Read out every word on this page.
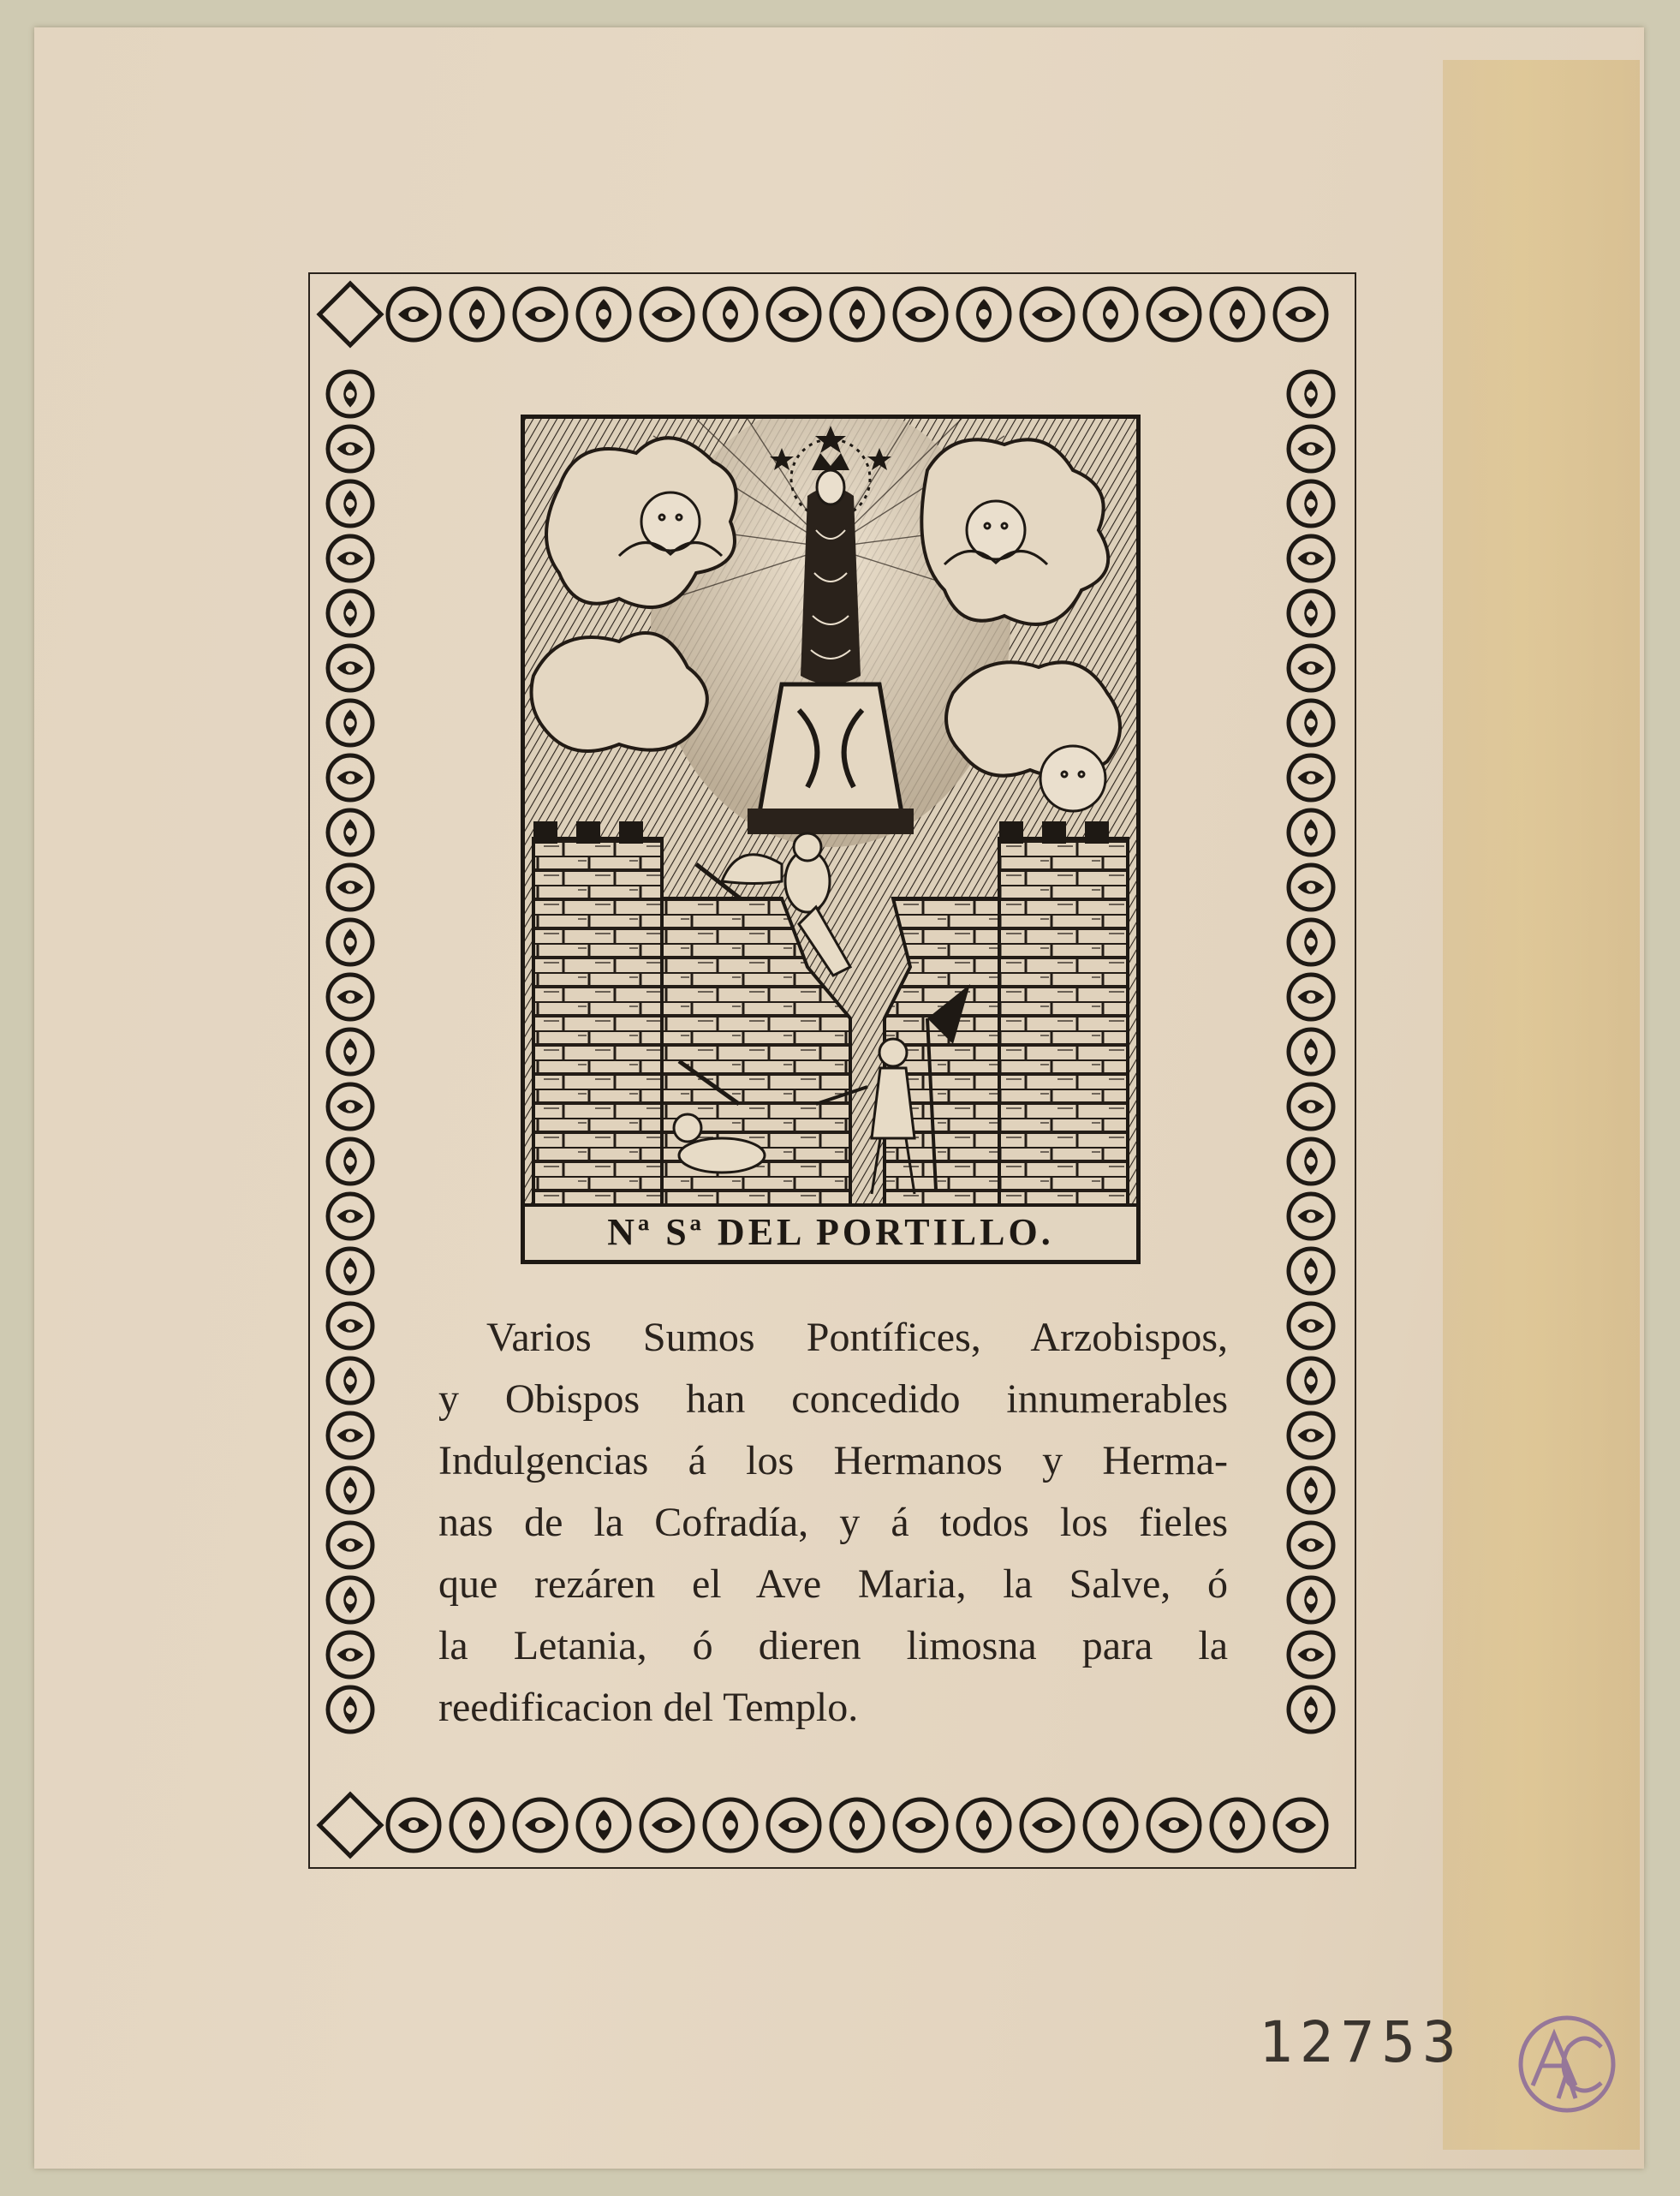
Nª Sª DEL PORTILLO.
Varios Sumos Pontífices, Arzobispos,
y Obispos han concedido innumerables
Indulgencias á los Hermanos y Herma-
nas de la Cofradía, y á todos los fieles
que rezáren el Ave Maria, la Salve, ó
la Letania, ó dieren limosna para la
reedificacion del Templo.
12753
